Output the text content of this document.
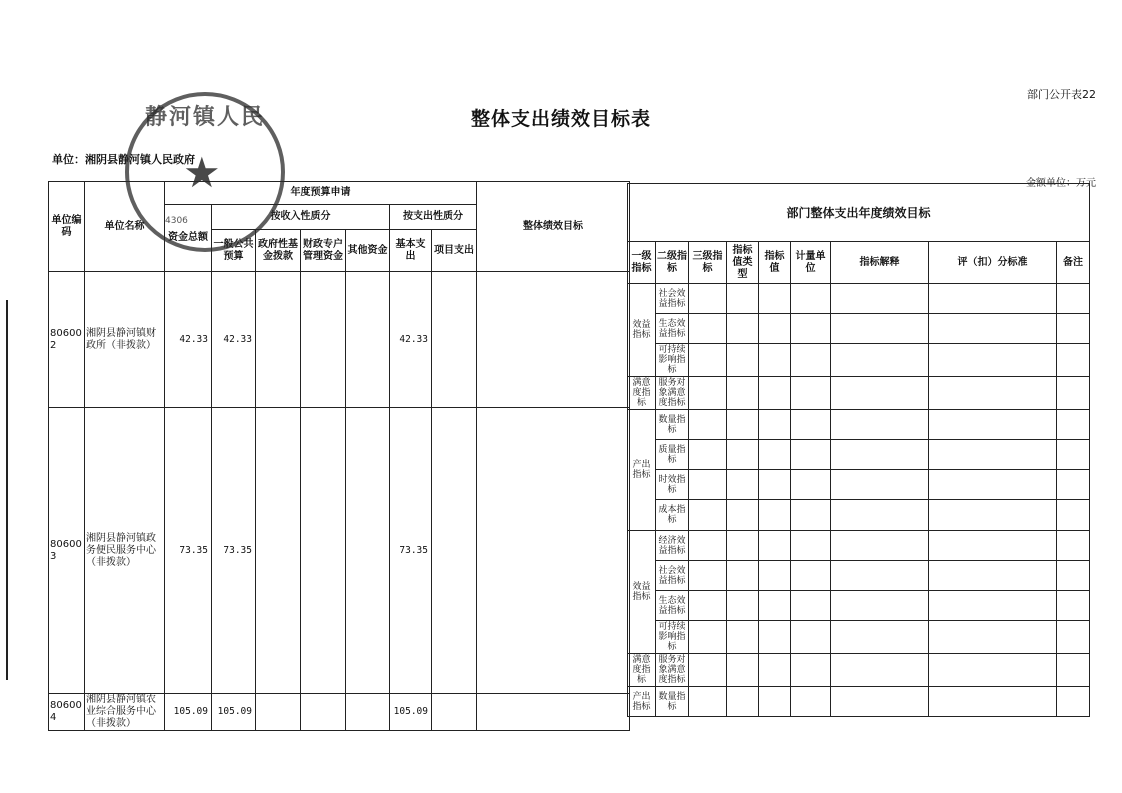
部门公开表22
整体支出绩效目标表
单位：湘阴县静河镇人民政府
金额单位：万元
单位编码	单位名称	年度预算申请							整体绩效目标
		资金总额	按收入性质分				按支出性质分		
			一般公共预算	政府性基金拨款	财政专户管理资金	其他资金	基本支出	项目支出	
806002	湘阴县静河镇财政所（非拨款）	42.33	42.33				42.33		
806003	湘阴县静河镇政务便民服务中心（非拨款）	73.35	73.35				73.35		
806004	湘阴县静河镇农业综合服务中心（非拨款）	105.09	105.09				105.09		
部门整体支出年度绩效目标								
一级指标	二级指标	三级指标	指标值类型	指标值	计量单位	指标解释	评（扣）分标准	备注
效益指标	社会效益指标							
	生态效益指标							
	可持续影响指标							
满意度指标	服务对象满意度指标							
产出指标	数量指标							
	质量指标							
	时效指标							
	成本指标							
效益指标	经济效益指标							
	社会效益指标							
	生态效益指标							
	可持续影响指标							
满意度指标	服务对象满意度指标							
产出指标	数量指标							
静河镇人民
★
4306
